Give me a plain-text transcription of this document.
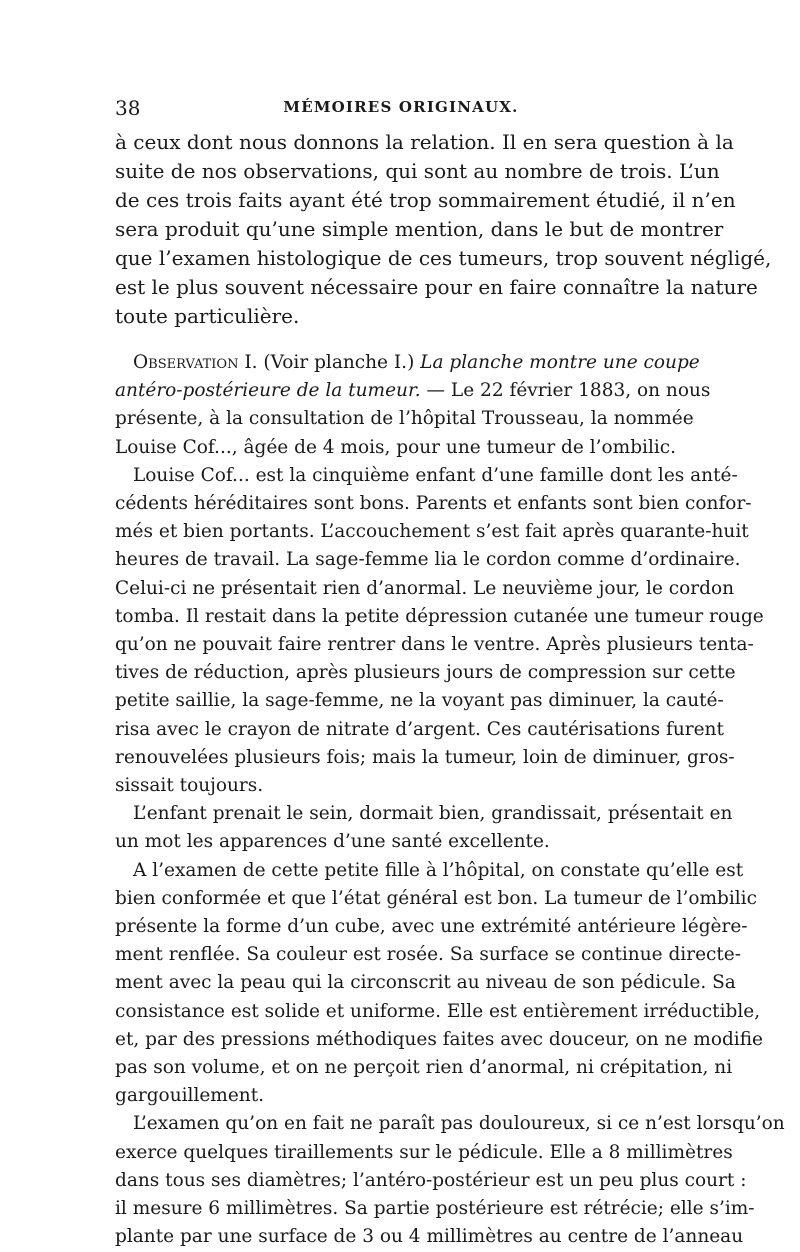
38	MÉMOIRES ORIGINAUX.

à ceux dont nous donnons la relation. Il en sera question à la
suite de nos observations, qui sont au nombre de trois. L’un
de ces trois faits ayant été trop sommairement étudié, il n’en
sera produit qu’une simple mention, dans le but de montrer
que l’examen histologique de ces tumeurs, trop souvent négligé,
est le plus souvent nécessaire pour en faire connaître la nature
toute particulière.

Observation I. (Voir planche I.) La planche montre une coupe
antéro-postérieure de la tumeur. — Le 22 février 1883, on nous
présente, à la consultation de l’hôpital Trousseau, la nommée
Louise Cof..., âgée de 4 mois, pour une tumeur de l’ombilic.

Louise Cof... est la cinquième enfant d’une famille dont les anté-
cédents héréditaires sont bons. Parents et enfants sont bien confor-
més et bien portants. L’accouchement s’est fait après quarante-huit
heures de travail. La sage-femme lia le cordon comme d’ordinaire.
Celui-ci ne présentait rien d’anormal. Le neuvième jour, le cordon
tomba. Il restait dans la petite dépression cutanée une tumeur rouge
qu’on ne pouvait faire rentrer dans le ventre. Après plusieurs tenta-
tives de réduction, après plusieurs jours de compression sur cette
petite saillie, la sage-femme, ne la voyant pas diminuer, la cauté-
risa avec le crayon de nitrate d’argent. Ces cautérisations furent
renouvelées plusieurs fois; mais la tumeur, loin de diminuer, gros-
sissait toujours.

L’enfant prenait le sein, dormait bien, grandissait, présentait en
un mot les apparences d’une santé excellente.

A l’examen de cette petite fille à l’hôpital, on constate qu’elle est
bien conformée et que l’état général est bon. La tumeur de l’ombilic
présente la forme d’un cube, avec une extrémité antérieure légère-
ment renflée. Sa couleur est rosée. Sa surface se continue directe-
ment avec la peau qui la circonscrit au niveau de son pédicule. Sa
consistance est solide et uniforme. Elle est entièrement irréductible,
et, par des pressions méthodiques faites avec douceur, on ne modifie
pas son volume, et on ne perçoit rien d’anormal, ni crépitation, ni
gargouillement.

L’examen qu’on en fait ne paraît pas douloureux, si ce n’est lorsqu’on
exerce quelques tiraillements sur le pédicule. Elle a 8 millimètres
dans tous ses diamètres; l’antéro-postérieur est un peu plus court :
il mesure 6 millimètres. Sa partie postérieure est rétrécie; elle s’im-
plante par une surface de 3 ou 4 millimètres au centre de l’anneau
